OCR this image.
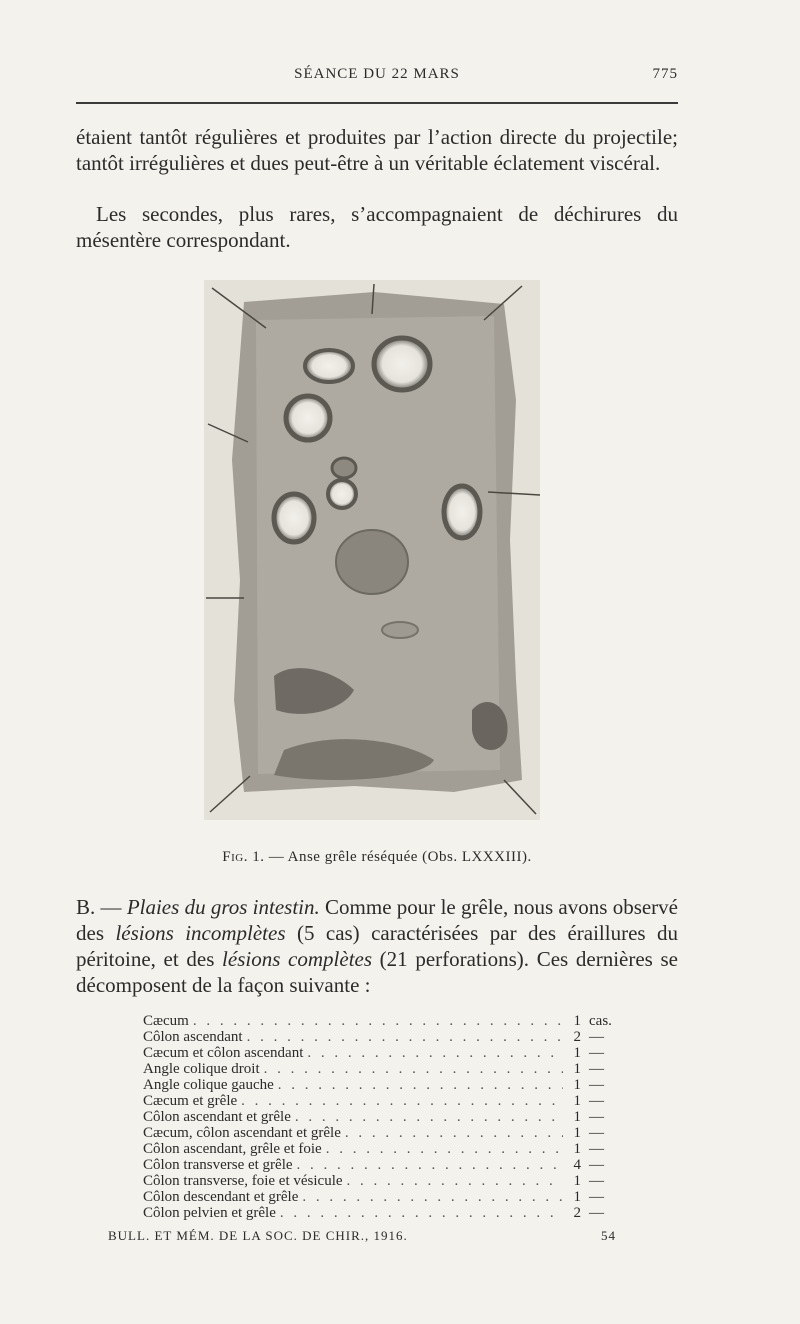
SÉANCE DU 22 MARS	775

étaient tantôt régulières et produites par l’action directe du projectile; tantôt irrégulières et dues peut-être à un véritable éclatement viscéral.

Les secondes, plus rares, s’accompagnaient de déchirures du mésentère correspondant.

Fig. 1. — Anse grêle réséquée (Obs. LXXXIII).

B. — Plaies du gros intestin. Comme pour le grêle, nous avons observé des lésions incomplètes (5 cas) caractérisées par des éraillures du péritoine, et des lésions complètes (21 perforations). Ces dernières se décomposent de la façon suivante :

Cæcum . . .	1 cas.
Côlon ascendant . . .	2 —
Cæcum et côlon ascendant . . .	1 —
Angle colique droit . . .	1 —
Angle colique gauche . . .	1 —
Cæcum et grêle . . .	1 —
Côlon ascendant et grêle . . .	1 —
Cæcum, côlon ascendant et grêle . . .	1 —
Côlon ascendant, grêle et foie . . .	1 —
Côlon transverse et grêle . . .	4 —
Côlon transverse, foie et vésicule . . .	1 —
Côlon descendant et grêle . . .	1 —
Côlon pelvien et grêle . . .	2 —
BULL. ET MÉM. DE LA SOC. DE CHIR., 1916.	54
